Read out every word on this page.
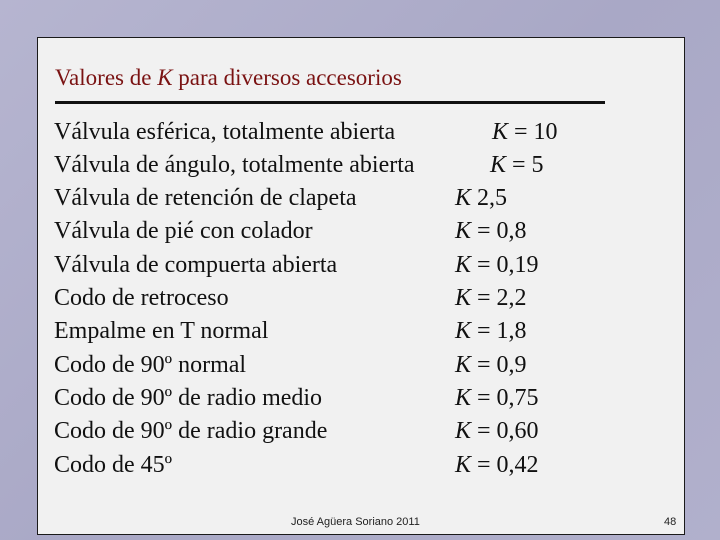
Valores de K para diversos accesorios
Válvula esférica, totalmente abierta	K = 10
Válvula de ángulo, totalmente abierta	K = 5
Válvula de retención de clapeta	K 2,5
Válvula de pié con colador	K = 0,8
Válvula de compuerta abierta	K = 0,19
Codo de retroceso	K = 2,2
Empalme en T normal	K = 1,8
Codo de 90º normal	K = 0,9
Codo de 90º de radio medio	K = 0,75
Codo de 90º de radio grande	K = 0,60
Codo de 45º	K = 0,42
José Agüera Soriano 2011	48
